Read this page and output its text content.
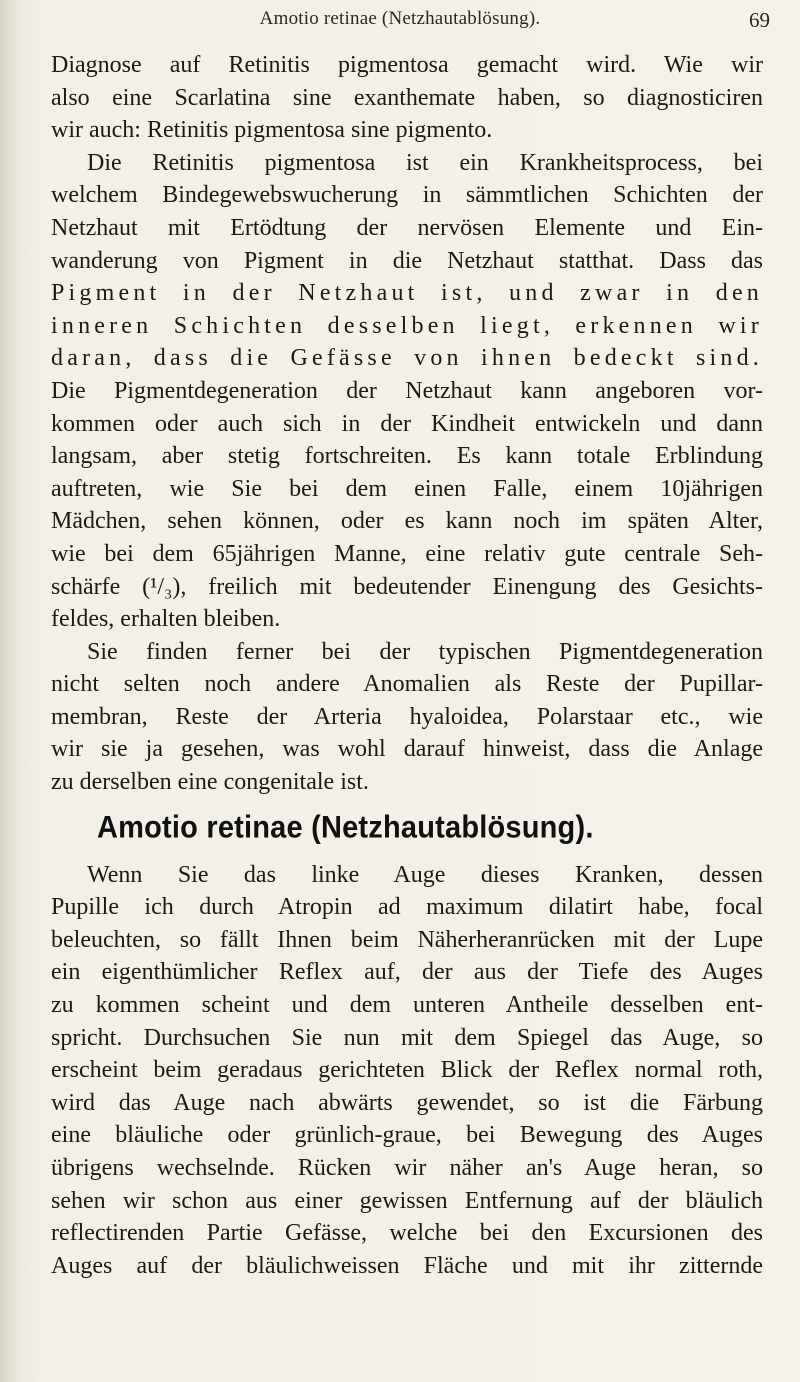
Amotio retinae (Netzhautablösung).	69
Diagnose auf Retinitis pigmentosa gemacht wird. Wie wir
also eine Scarlatina sine exanthemate haben, so diagnosticiren
wir auch: Retinitis pigmentosa sine pigmento.
Die Retinitis pigmentosa ist ein Krankheitsprocess, bei
welchem Bindegewebswucherung in sämmtlichen Schichten der
Netzhaut mit Ertödtung der nervösen Elemente und Ein-
wanderung von Pigment in die Netzhaut statthat. Dass das
Pigment in der Netzhaut ist, und zwar in den
inneren Schichten desselben liegt, erkennen wir
daran, dass die Gefässe von ihnen bedeckt sind.
Die Pigmentdegeneration der Netzhaut kann angeboren vor-
kommen oder auch sich in der Kindheit entwickeln und dann
langsam, aber stetig fortschreiten. Es kann totale Erblindung
auftreten, wie Sie bei dem einen Falle, einem 10jährigen
Mädchen, sehen können, oder es kann noch im späten Alter,
wie bei dem 65jährigen Manne, eine relativ gute centrale Seh-
schärfe (¹/₃), freilich mit bedeutender Einengung des Gesichts-
feldes, erhalten bleiben.
Sie finden ferner bei der typischen Pigmentdegeneration
nicht selten noch andere Anomalien als Reste der Pupillar-
membran, Reste der Arteria hyaloidea, Polarstaar etc., wie
wir sie ja gesehen, was wohl darauf hinweist, dass die Anlage
zu derselben eine congenitale ist.
Amotio retinae (Netzhautablösung).
Wenn Sie das linke Auge dieses Kranken, dessen
Pupille ich durch Atropin ad maximum dilatirt habe, focal
beleuchten, so fällt Ihnen beim Näherheranrücken mit der Lupe
ein eigenthümlicher Reflex auf, der aus der Tiefe des Auges
zu kommen scheint und dem unteren Antheile desselben ent-
spricht. Durchsuchen Sie nun mit dem Spiegel das Auge, so
erscheint beim geradaus gerichteten Blick der Reflex normal roth,
wird das Auge nach abwärts gewendet, so ist die Färbung
eine bläuliche oder grünlich-graue, bei Bewegung des Auges
übrigens wechselnde. Rücken wir näher an's Auge heran, so
sehen wir schon aus einer gewissen Entfernung auf der bläulich
reflectirenden Partie Gefässe, welche bei den Excursionen des
Auges auf der bläulichweissen Fläche und mit ihr zitternde
